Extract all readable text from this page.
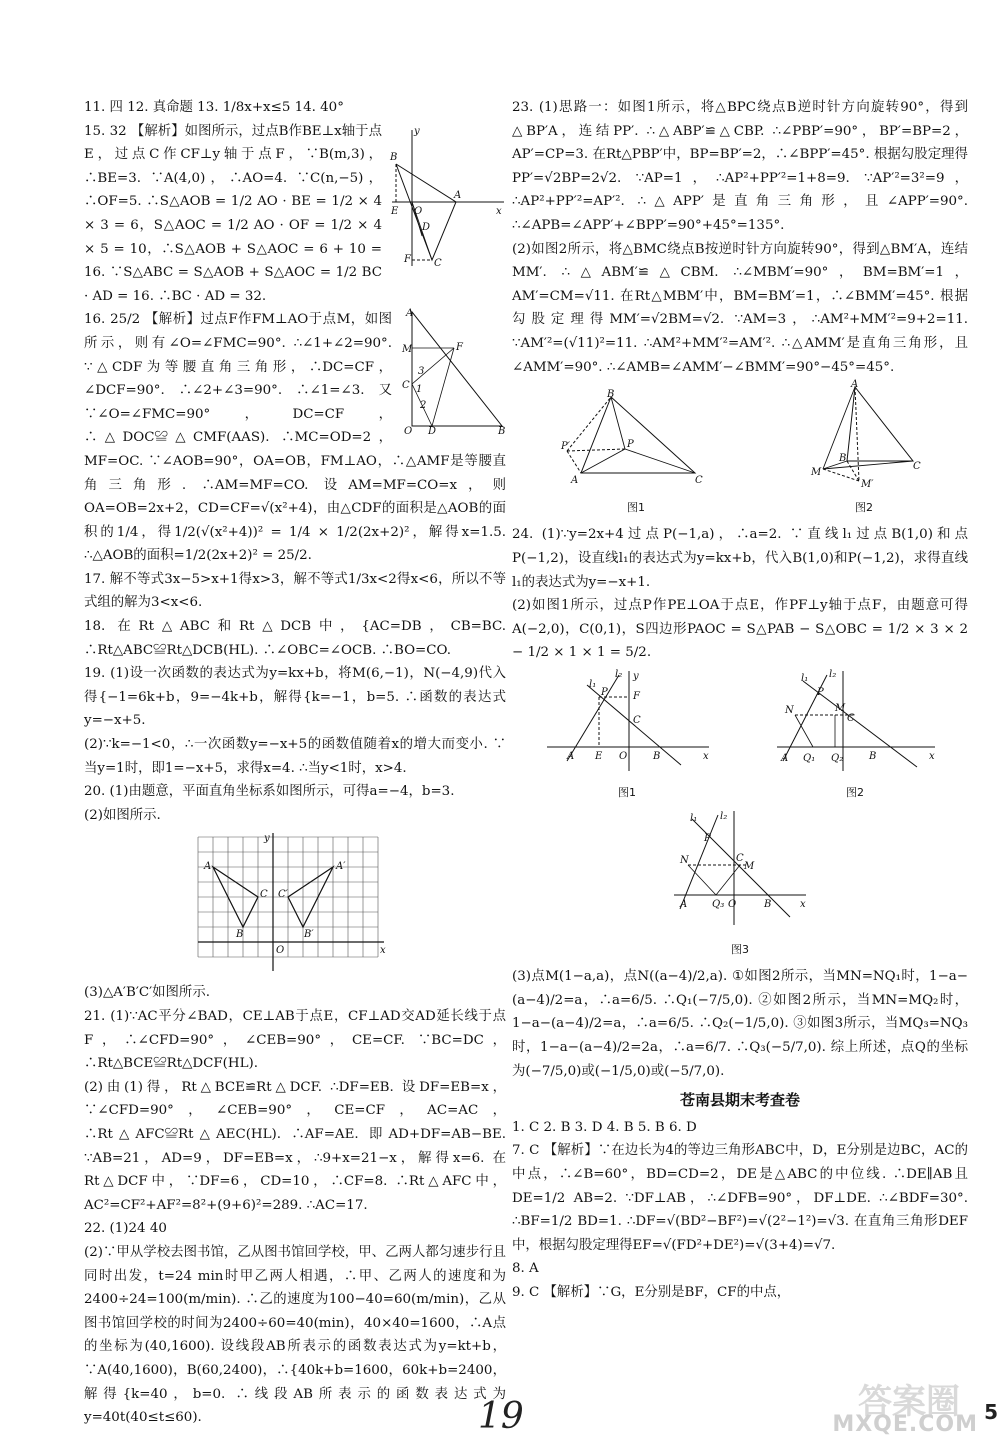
11. 四 12. 真命题 13. 1/8x+x≤5 14. 40°

B
E O
A
x
y
F C
D

15. 32 【解析】如图所示，过点B作BE⊥x轴于点E，过点C作CF⊥y轴于点F，∵B(m,3)，∴BE=3. ∵A(4,0)，∴AO=4. ∵C(n,−5)，∴OF=5. ∴S△AOB = 1/2 AO · BE = 1/2 × 4 × 3 = 6，S△AOC = 1/2 AO · OF = 1/2 × 4 × 5 = 10，∴S△AOB + S△AOC = 6 + 10 = 16. ∵S△ABC = S△AOB + S△AOC = 1/2 BC · AD = 16. ∴BC · AD = 32.

A
M
C
O D	B
F
1
2
3

16. 25/2 【解析】过点F作FM⊥AO于点M，如图所示，则有∠O=∠FMC=90°. ∴∠1+∠2=90°. ∵△CDF为等腰直角三角形，∴DC=CF，∠DCF=90°. ∴∠2+∠3=90°. ∴∠1=∠3. 又∵∠O=∠FMC=90°，DC=CF，∴△DOC≌△CMF(AAS). ∴MC=OD=2，MF=OC. ∵∠AOB=90°，OA=OB，FM⊥AO，∴△AMF是等腰直角三角形. ∴AM=MF=CO. 设AM=MF=CO=x，则OA=OB=2x+2，CD=CF=√(x²+4)，由△CDF的面积是△AOB的面积的1/4，得1/2(√(x²+4))² = 1/4 × 1/2(2x+2)²，解得x=1.5. ∴△AOB的面积=1/2(2x+2)² = 25/2.

17. 解不等式3x−5>x+1得x>3，解不等式1/3x<2得x<6，所以不等式组的解为3<x<6.

18. 在Rt△ABC和Rt△DCB中，{AC=DB，CB=BC. ∴Rt△ABC≌Rt△DCB(HL). ∴∠OBC=∠OCB. ∴BO=CO.

19. (1)设一次函数的表达式为y=kx+b，将M(6,−1)，N(−4,9)代入得{−1=6k+b，9=−4k+b，解得{k=−1，b=5. ∴函数的表达式y=−x+5.

(2)∵k=−1<0，∴一次函数y=−x+5的函数值随着x的增大而变小. ∵当y=1时，即1=−x+5，求得x=4. ∴当y<1时，x>4.

20. (1)由题意，平面直角坐标系如图所示，可得a=−4，b=3.

(2)如图所示.

A
B
C
A′
B′
C′
O	x
y

(3)△A′B′C′如图所示.

21. (1)∵AC平分∠BAD，CE⊥AB于点E，CF⊥AD交AD延长线于点F，∴∠CFD=90°，∠CEB=90°，CE=CF. ∵BC=DC，∴Rt△BCE≌Rt△DCF(HL).

(2)由(1)得，Rt△BCE≌Rt△DCF. ∴DF=EB. 设DF=EB=x，∵∠CFD=90°，∠CEB=90°，CE=CF，AC=AC，∴Rt△AFC≌Rt△AEC(HL). ∴AF=AE. 即AD+DF=AB−BE. ∵AB=21，AD=9，DF=EB=x，∴9+x=21−x，解得x=6. 在Rt△DCF中，∵DF=6，CD=10，∴CF=8. ∴Rt△AFC中，AC²=CF²+AF²=8²+(9+6)²=289. ∴AC=17.

22. (1)24 40

(2)∵甲从学校去图书馆，乙从图书馆回学校，甲、乙两人都匀速步行且同时出发，t=24 min时甲乙两人相遇，∴甲、乙两人的速度和为2400÷24=100(m/min). ∴乙的速度为100−40=60(m/min)，乙从图书馆回学校的时间为2400÷60=40(min)，40×40=1600，∴A点的坐标为(40,1600). 设线段AB所表示的函数表达式为y=kt+b，∵A(40,1600)，B(60,2400)，∴{40k+b=1600，60k+b=2400，解得{k=40，b=0. ∴线段AB所表示的函数表达式为y=40t(40≤t≤60).

23. (1)思路一：如图1所示，将△BPC绕点B逆时针方向旋转90°，得到△BP′A，连结PP′. ∴△ABP′≌△CBP. ∴∠PBP′=90°，BP′=BP=2，AP′=CP=3. 在Rt△PBP′中，BP=BP′=2，∴∠BPP′=45°. 根据勾股定理得PP′=√2BP=2√2. ∵AP=1，∴AP²+PP′²=1+8=9. ∵AP′²=3²=9，∴AP²+PP′²=AP′². ∴△APP′是直角三角形，且∠APP′=90°. ∴∠APB=∠APP′+∠BPP′=90°+45°=135°.

(2)如图2所示，将△BMC绕点B按逆时针方向旋转90°，得到△BM′A，连结MM′. ∴△ABM′≌△CBM. ∴∠MBM′=90°，BM=BM′=1，AM′=CM=√11. 在Rt△MBM′中，BM=BM′=1，∴∠BMM′=45°. 根据勾股定理得MM′=√2BM=√2. ∵AM=3，∴AM²+MM′²=9+2=11. ∵AM′²=(√11)²=11. ∴AM²+MM′²=AM′². ∴△AMM′是直角三角形，且∠AMM′=90°. ∴∠AMB=∠AMM′−∠BMM′=90°−45°=45°.

B
A	C
P
P′
图1
A
B
C
M
M′
图2

24. (1)∵y=2x+4过点P(−1,a)，∴a=2. ∵直线l₁过点B(1,0)和点P(−1,2)，设直线l₁的表达式为y=kx+b，代入B(1,0)和P(−1,2)，求得直线l₁的表达式为y=−x+1.

(2)如图1所示，过点P作PE⊥OA于点E，作PF⊥y轴于点F，由题意可得A(−2,0)，C(0,1)，S四边形PAOC = S△PAB − S△OBC = 1/2 × 3 × 2 − 1/2 × 1 × 1 = 5/2.

l₁
l₂
P	F
C
y
A E O	B	x
图1
l₁ l₂
P
N	M
C
A Q₁ Q₂	B	x
图2
l₁ l₂
P
N	C
M
A Q₃ O	B	x
图3

(3)点M(1−a,a)，点N((a−4)/2,a). ①如图2所示，当MN=NQ₁时，1−a−(a−4)/2=a，∴a=6/5. ∴Q₁(−7/5,0). ②如图2所示，当MN=MQ₂时，1−a−(a−4)/2=a，∴a=6/5. ∴Q₂(−1/5,0). ③如图3所示，当MQ₃=NQ₃时，1−a−(a−4)/2=2a，∴a=6/7. ∴Q₃(−5/7,0). 综上所述，点Q的坐标为(−7/5,0)或(−1/5,0)或(−5/7,0).

苍南县期末考查卷

1. C 2. B 3. D 4. B 5. B 6. D

7. C 【解析】∵在边长为4的等边三角形ABC中，D，E分别是边BC，AC的中点，∴∠B=60°，BD=CD=2，DE是△ABC的中位线. ∴DE∥AB且DE=1/2 AB=2. ∵DF⊥AB，∴∠DFB=90°，DF⊥DE. ∴∠BDF=30°. ∴BF=1/2 BD=1. ∴DF=√(BD²−BF²)=√(2²−1²)=√3. 在直角三角形DEF中，根据勾股定理得EF=√(FD²+DE²)=√(3+4)=√7.

8. A

9. C 【解析】∵G，E分别是BF，CF的中点，

19	答案圈
MXQE.COM 5
